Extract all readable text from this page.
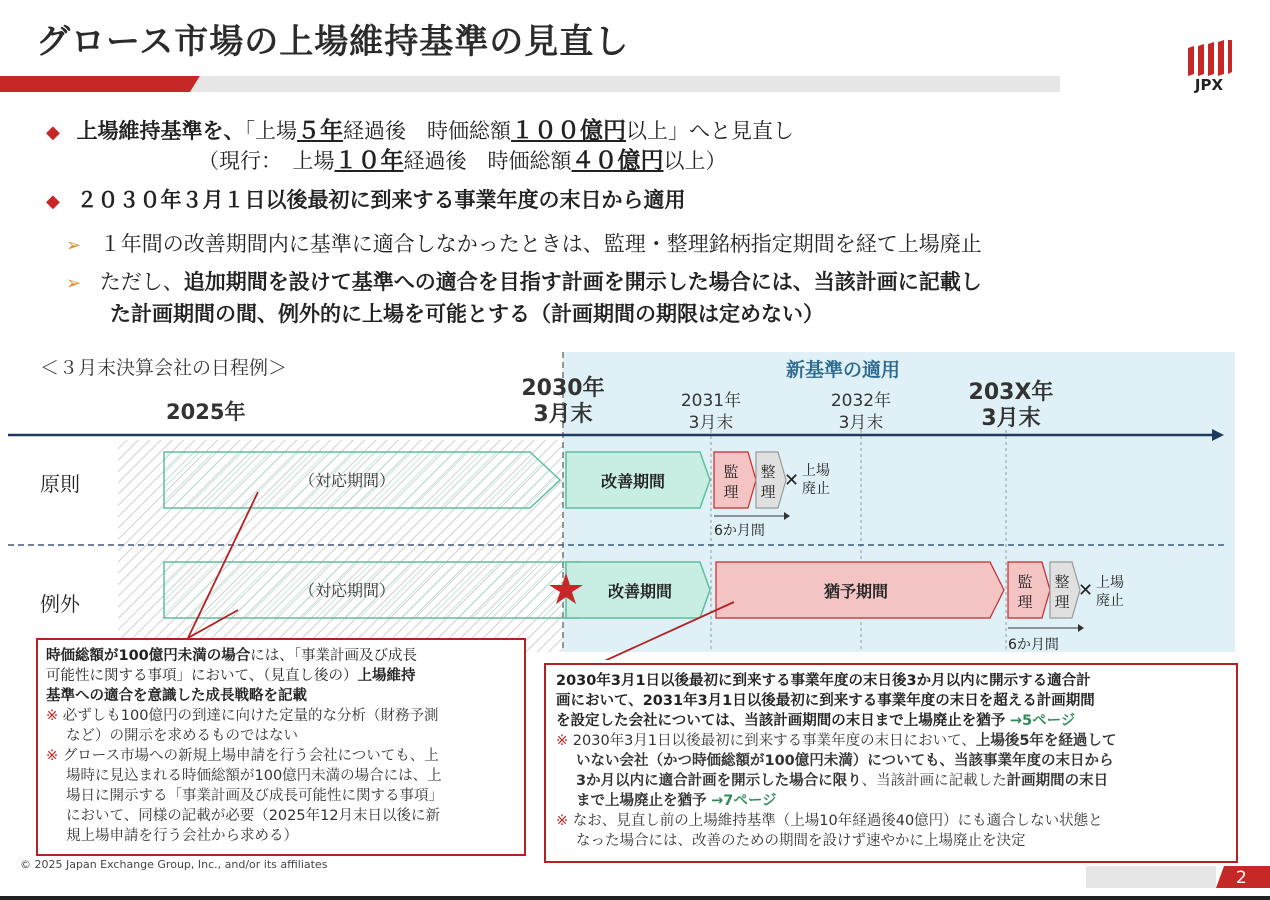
グロース市場の上場維持基準の見直し
JPX
◆ 上場維持基準を、「上場５年経過後　時価総額１００億円以上」へと見直し
（現行：　上場１０年経過後　時価総額４０億円以上）
◆ ２０３０年３月１日以後最初に到来する事業年度の末日から適用
➢ １年間の改善期間内に基準に適合しなかったときは、監理・整理銘柄指定期間を経て上場廃止
➢ ただし、追加期間を設けて基準への適合を目指す計画を開示した場合には、当該計画に記載し
た計画期間の間、例外的に上場を可能とする（計画期間の期限は定めない）
＜３月末決算会社の日程例＞	新基準の適用
2025年
2030年
3月末
2031年
3月末
2032年
3月末
203X年
3月末
原則	（対応期間）	改善期間	監
理
整
理
✕ 上場
廃止
6か月間
例外
（対応期間）	改善期間	猶予期間	監
理
整
理
✕ 上場
廃止
6か月間

時価総額が100億円未満の場合には、「事業計画及び成長

可能性に関する事項」において、（見直し後の）上場維持

基準への適合を意識した成長戦略を記載

※ 必ずしも100億円の到達に向けた定量的な分析（財務予測
など）の開示を求めるものではない

※ グロース市場への新規上場申請を行う会社についても、上
場時に見込まれる時価総額が100億円未満の場合には、上
場日に開示する「事業計画及び成長可能性に関する事項」
において、同様の記載が必要（2025年12月末日以後に新
規上場申請を行う会社から求める）

2030年3月1日以後最初に到来する事業年度の末日後3か月以内に開示する適合計

画において、2031年3月1日以後最初に到来する事業年度の末日を超える計画期間

を設定した会社については、当該計画期間の末日まで上場廃止を猶予 →5ページ

※ 2030年3月1日以後最初に到来する事業年度の末日において、上場後5年を経過して
いない会社（かつ時価総額が100億円未満）についても、当該事業年度の末日から
3か月以内に適合計画を開示した場合に限り、当該計画に記載した計画期間の末日
まで上場廃止を猶予 →7ページ

※ なお、見直し前の上場維持基準（上場10年経過後40億円）にも適合しない状態と
なった場合には、改善のための期間を設けず速やかに上場廃止を決定

© 2025 Japan Exchange Group, Inc., and/or its affiliates
2
